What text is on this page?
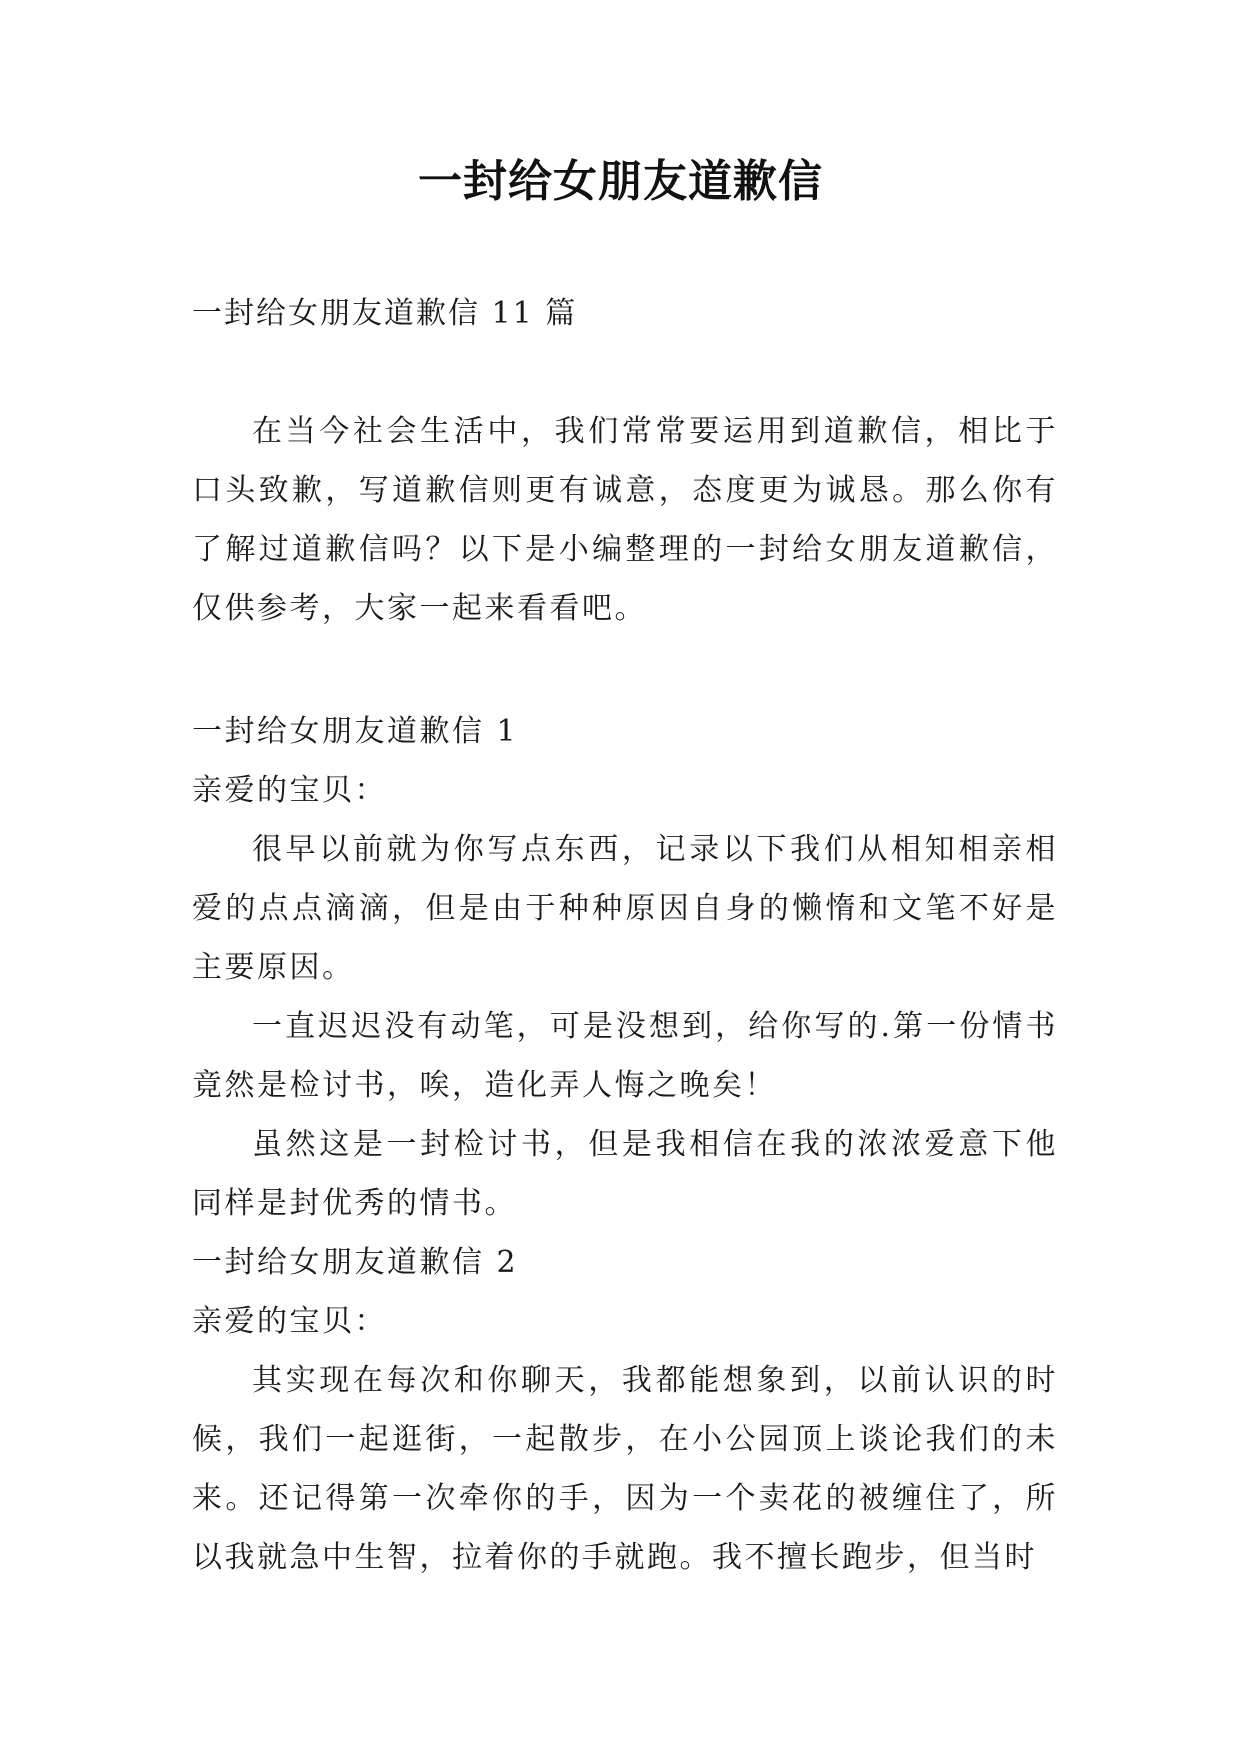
一封给女朋友道歉信
一封给女朋友道歉信 11 篇

在当今社会生活中，我们常常要运用到道歉信，相比于口头致歉，写道歉信则更有诚意，态度更为诚恳。那么你有了解过道歉信吗？以下是小编整理的一封给女朋友道歉信，仅供参考，大家一起来看看吧。

一封给女朋友道歉信 1

亲爱的宝贝：

很早以前就为你写点东西，记录以下我们从相知相亲相爱的点点滴滴，但是由于种种原因自身的懒惰和文笔不好是主要原因。

一直迟迟没有动笔，可是没想到，给你写的.第一份情书竟然是检讨书，唉，造化弄人悔之晚矣！

虽然这是一封检讨书，但是我相信在我的浓浓爱意下他同样是封优秀的情书。

一封给女朋友道歉信 2

亲爱的宝贝：

其实现在每次和你聊天，我都能想象到，以前认识的时候，我们一起逛街，一起散步，在小公园顶上谈论我们的未来。还记得第一次牵你的手，因为一个卖花的被缠住了，所以我就急中生智，拉着你的手就跑。我不擅长跑步，但当时
